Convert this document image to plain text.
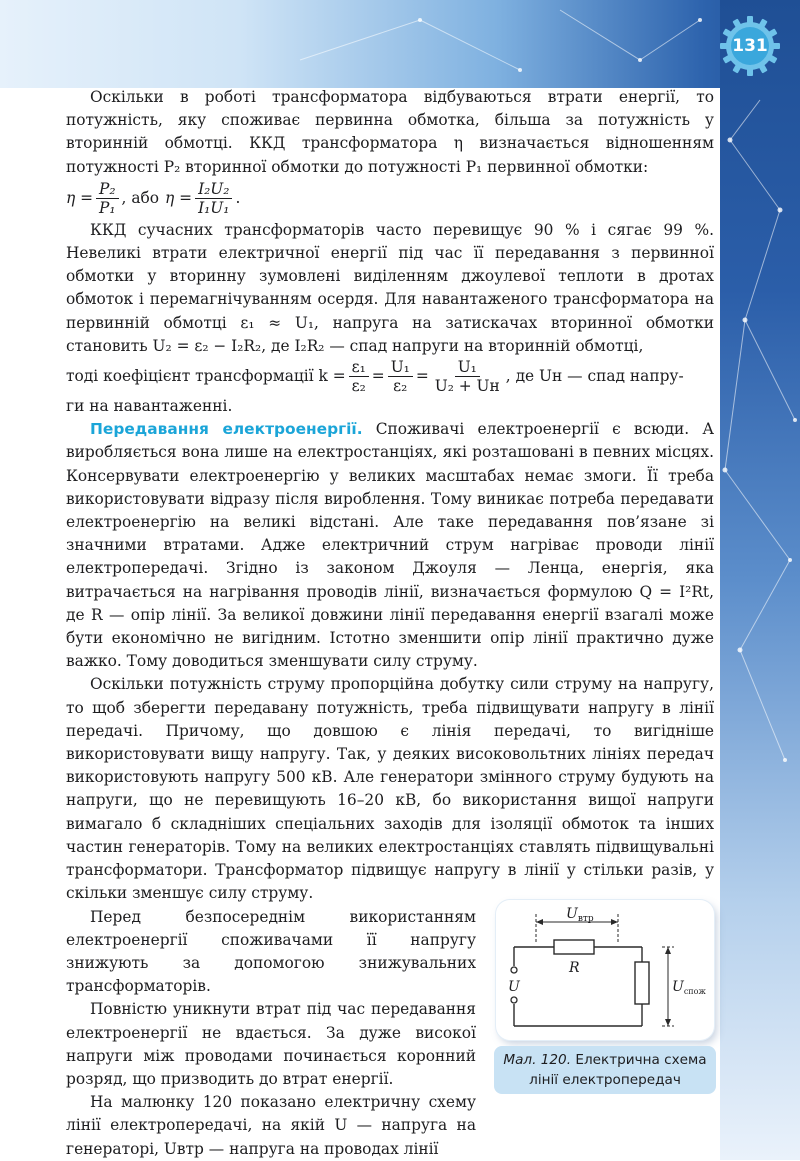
131

Оскільки в роботі трансформатора відбуваються втрати енергії, то потужність, яку споживає первинна обмотка, більша за потужність у вторинній обмотці. ККД трансформатора η визначається відношенням потужності P₂ вторинної обмотки до потужності P₁ первинної обмотки:

$\eta = \frac{\text{P₂}}{\text{P₁}}$ , або $\eta = \frac{\text{I₂U₂}}{\text{I₁U₁}}$ .

ККД сучасних трансформаторів часто перевищує 90 % і сягає 99 %. Невеликі втрати електричної енергії під час її передавання з первинної обмотки у вторинну зумовлені виділенням джоулевої теплоти в дротах обмоток і перемагнічуванням осердя. Для навантаженого трансформатора на первинній обмотці ε₁ ≈ U₁, напруга на затискачах вторинної обмотки становить U₂ = ε₂ − I₂R₂, де I₂R₂ — спад напруги на вторинній обмотці,

тоді коефіцієнт трансформації $k = \frac{\text{ε₁}}{\text{ε₂}} = \frac{\text{U₁}}{\text{ε₂}} = \frac{\text{U₁}}{\text{U₂ + Uн}}$ , де Uн — спад напру-

ги на навантаженні.

Передавання електроенергії. Споживачі електроенергії є всюди. А виробляється вона лише на електростанціях, які розташовані в певних місцях. Консервувати електроенергію у великих масштабах немає змоги. Її треба використовувати відразу після вироблення. Тому виникає потреба передавати електроенергію на великі відстані. Але таке передавання пов’язане зі значними втратами. Адже електричний струм нагріває проводи лінії електропередачі. Згідно із законом Джоуля — Ленца, енергія, яка витрачається на нагрівання проводів лінії, визначається формулою Q = I²Rt, де R — опір лінії. За великої довжини лінії передавання енергії взагалі може бути економічно не вигідним. Істотно зменшити опір лінії практично дуже важко. Тому доводиться зменшувати силу струму.

Оскільки потужність струму пропорційна добутку сили струму на напругу, то щоб зберегти передавану потужність, треба підвищувати напругу в лінії передачі. Причому, що довшою є лінія передачі, то вигідніше використовувати вищу напругу. Так, у деяких високовольтних лініях передач використовують напругу 500 кВ. Але генератори змінного струму будують на напруги, що не перевищують 16–20 кВ, бо використання вищої напруги вимагало б складніших спеціальних заходів для ізоляції обмоток та інших частин генераторів. Тому на великих електростанціях ставлять підвищувальні трансформатори. Трансформатор підвищує напругу в лінії у стільки разів, у скільки зменшує силу струму.

Перед безпосереднім використанням електроенергії споживачами її напругу знижують за допомогою знижувальних трансформаторів.

Повністю уникнути втрат під час передавання електроенергії не вдається. За дуже високої напруги між проводами починається коронний розряд, що призводить до втрат енергії.

На малюнку 120 показано електричну схему лінії електропередачі, на якій U — напруга на генераторі, Uвтр — напруга на проводах лінії

$U_{втр}$
R
U	$U_{спож}$
Мал. 120. Електрична схема лінії електропередач
